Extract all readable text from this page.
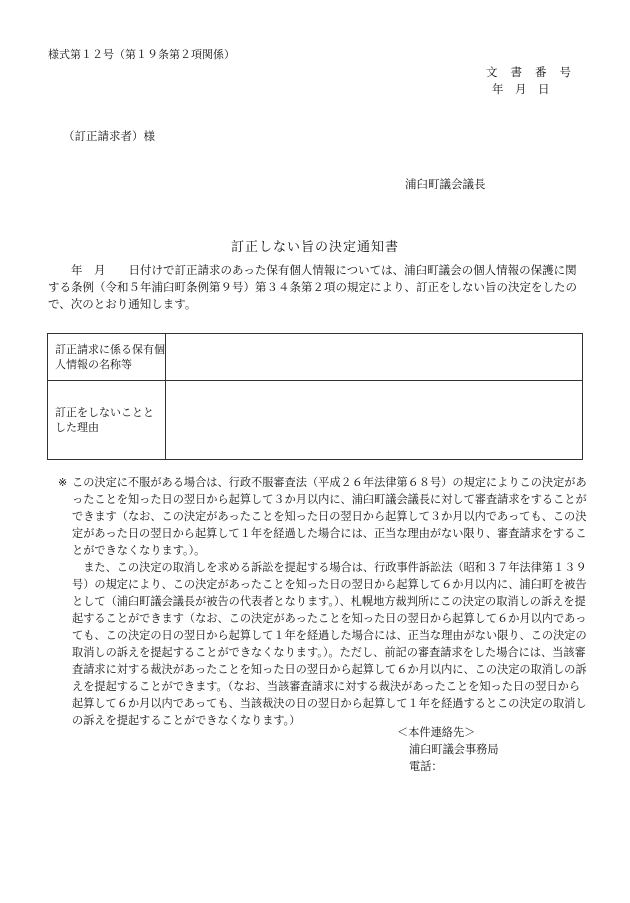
様式第１２号（第１９条第２項関係）
文書番号
年　月　日
（訂正請求者）様
浦臼町議会議長
訂正しない旨の決定通知書
年　月　　 日付けで訂正請求のあった保有個人情報については、浦臼町議会の個人情報の保護に関する条例（令和５年浦臼町条例第９号）第３４条第２項の規定により、訂正をしない旨の決定をしたので、次のとおり通知します。
訂正請求に係る保有個人情報の名称等	
訂正をしないことと した理由	

※ この決定に不服がある場合は、行政不服審査法（平成２６年法律第６８号）の規定によりこの決定があったことを知った日の翌日から起算して３か月以内に、浦臼町議会議長に対して審査請求をすることができます（なお、この決定があったことを知った日の翌日から起算して３か月以内であっても、この決定があった日の翌日から起算して１年を経過した場合には、正当な理由がない限り、審査請求をすることができなくなります。）。

また、この決定の取消しを求める訴訟を提起する場合は、行政事件訴訟法（昭和３７年法律第１３９号）の規定により、この決定があったことを知った日の翌日から起算して６か月以内に、浦臼町を被告として（浦臼町議会議長が被告の代表者となります。）、札幌地方裁判所にこの決定の取消しの訴えを提起することができます（なお、この決定があったことを知った日の翌日から起算して６か月以内であっても、この決定の日の翌日から起算して１年を経過した場合には、正当な理由がない限り、この決定の取消しの訴えを提起することができなくなります。）。ただし、前記の審査請求をした場合には、当該審査請求に対する裁決があったことを知った日の翌日から起算して６か月以内に、この決定の取消しの訴えを提起することができます。（なお、当該審査請求に対する裁決があったことを知った日の翌日から起算して６か月以内であっても、当該裁決の日の翌日から起算して１年を経過するとこの決定の取消しの訴えを提起することができなくなります。）

＜本件連絡先＞
浦臼町議会事務局
電話：
